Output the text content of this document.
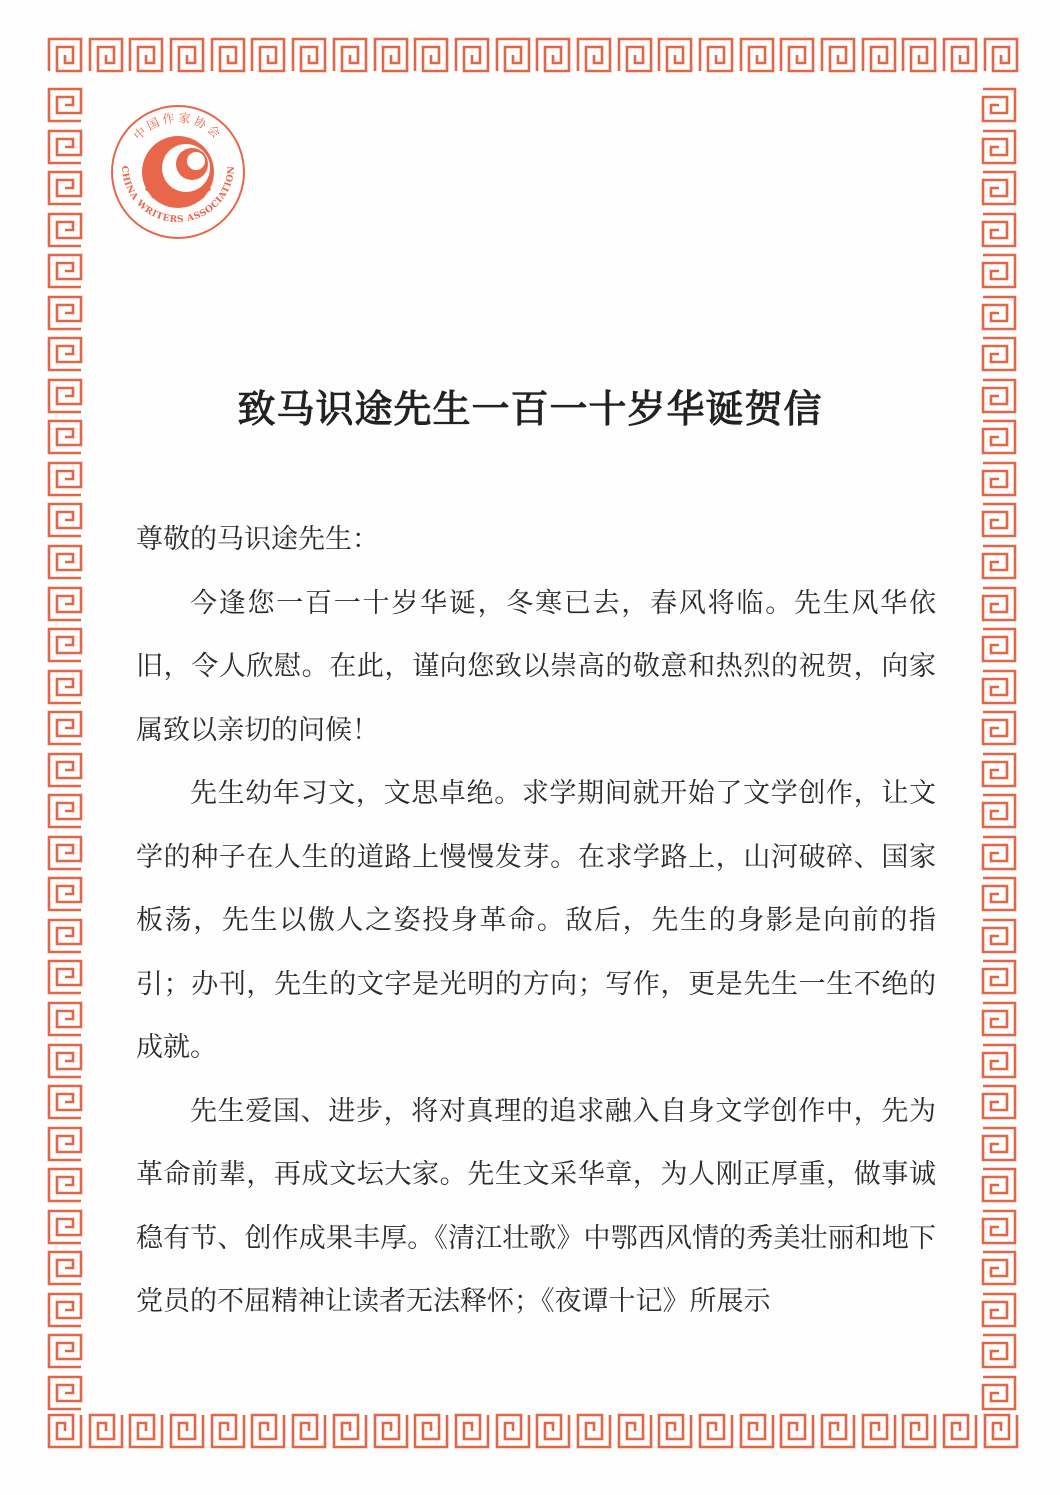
中国作家协会
CHINA WRITERS ASSOCIATION
致马识途先生一百一十岁华诞贺信

尊敬的马识途先生：

今逢您一百一十岁华诞，冬寒已去，春风将临。先生风华依旧，令人欣慰。在此，谨向您致以崇高的敬意和热烈的祝贺，向家属致以亲切的问候！

先生幼年习文，文思卓绝。求学期间就开始了文学创作，让文学的种子在人生的道路上慢慢发芽。在求学路上，山河破碎、国家板荡，先生以傲人之姿投身革命。敌后，先生的身影是向前的指引；办刊，先生的文字是光明的方向；写作，更是先生一生不绝的成就。

先生爱国、进步，将对真理的追求融入自身文学创作中，先为革命前辈，再成文坛大家。先生文采华章，为人刚正厚重，做事诚稳有节、创作成果丰厚。《清江壮歌》中鄂西风情的秀美壮丽和地下党员的不屈精神让读者无法释怀；《夜谭十记》所展示
